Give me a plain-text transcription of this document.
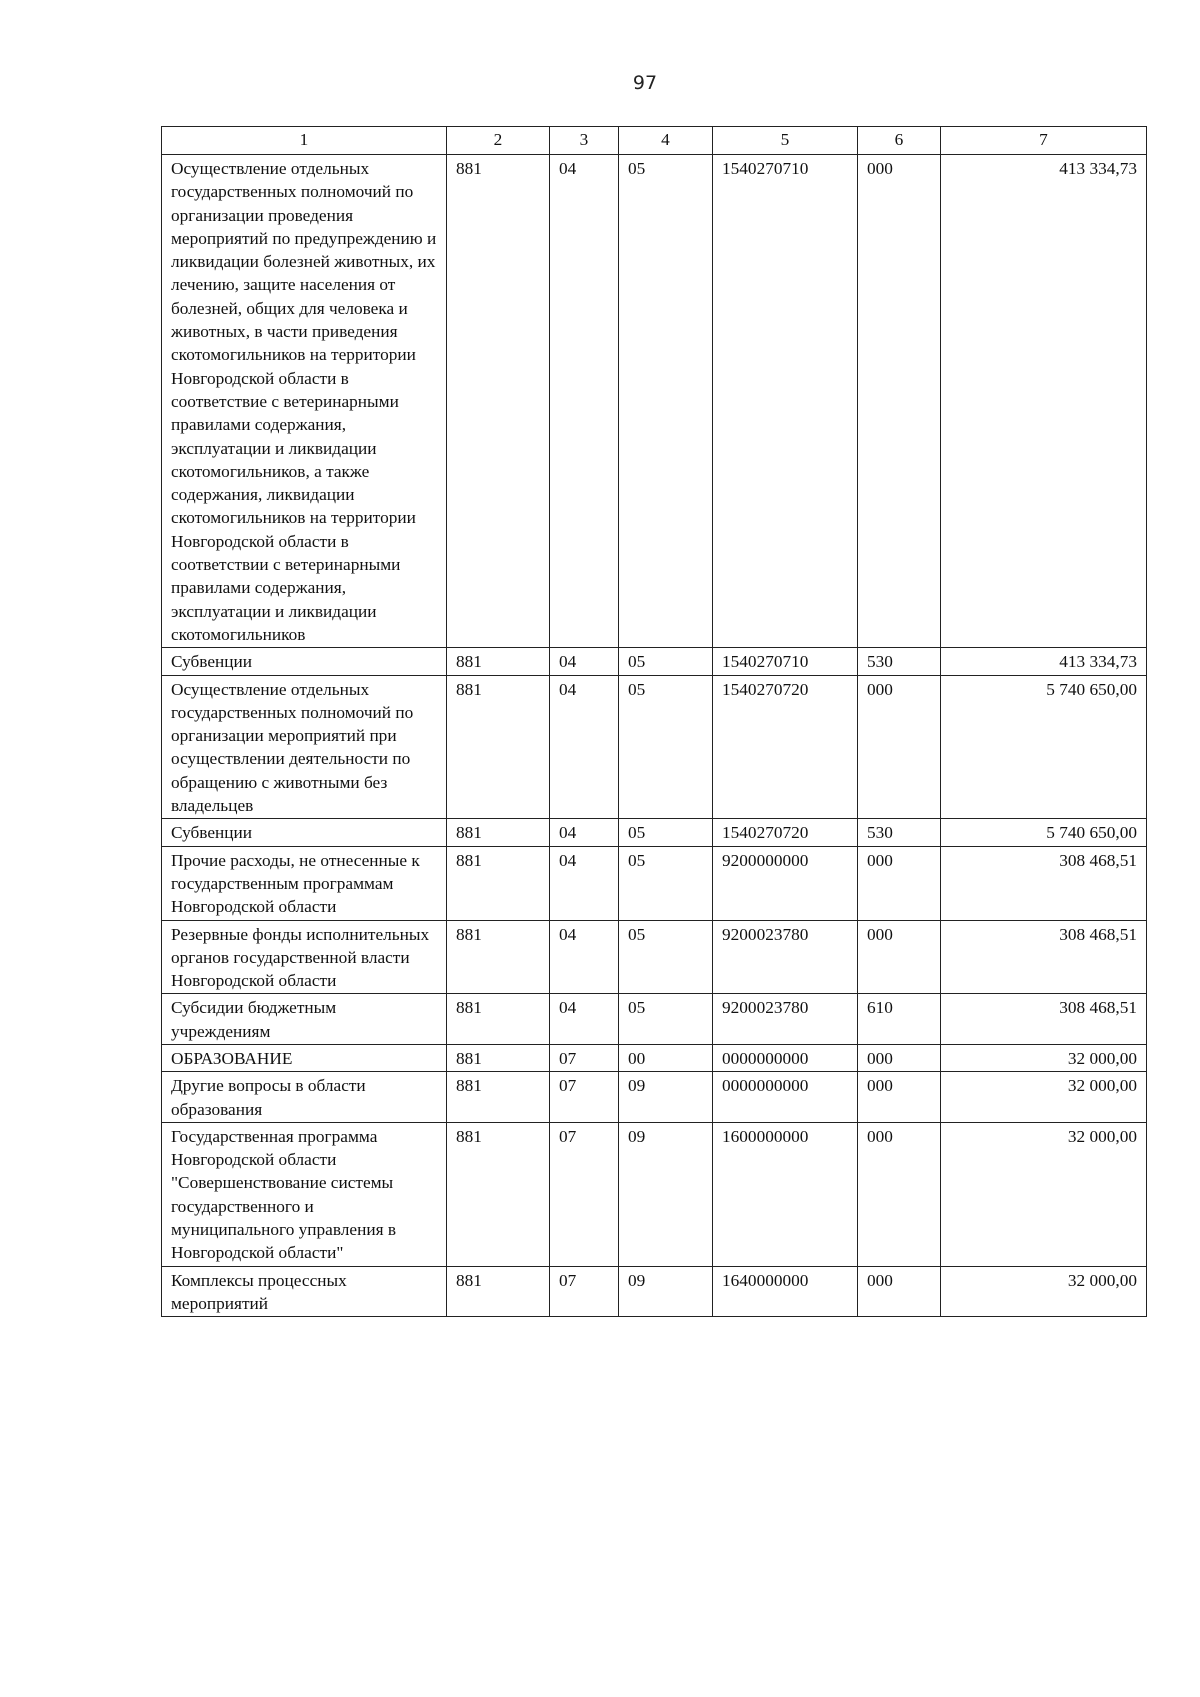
97
1	2	3	4	5	6	7
Осуществление отдельных государственных полномочий по организации проведения мероприятий по предупреждению и ликвидации болезней животных, их лечению, защите населения от болезней, общих для человека и животных, в части приведения скотомогильников на территории Новгородской области в соответствие с ветеринарными правилами содержания, эксплуатации и ликвидации скотомогильников, а также содержания, ликвидации скотомогильников на территории Новгородской области в соответствии с ветеринарными правилами содержания, эксплуатации и ликвидации скотомогильников	881	04	05	1540270710	000	413 334,73
Субвенции	881	04	05	1540270710	530	413 334,73
Осуществление отдельных государственных полномочий по организации мероприятий при осуществлении деятельности по обращению с животными без владельцев	881	04	05	1540270720	000	5 740 650,00
Субвенции	881	04	05	1540270720	530	5 740 650,00
Прочие расходы, не отнесенные к государственным программам Новгородской области	881	04	05	9200000000	000	308 468,51
Резервные фонды исполнительных органов государственной власти Новгородской области	881	04	05	9200023780	000	308 468,51
Субсидии бюджетным учреждениям	881	04	05	9200023780	610	308 468,51
ОБРАЗОВАНИЕ	881	07	00	0000000000	000	32 000,00
Другие вопросы в области образования	881	07	09	0000000000	000	32 000,00
Государственная программа Новгородской области "Совершенствование системы государственного и муниципального управления в Новгородской области"	881	07	09	1600000000	000	32 000,00
Комплексы процессных мероприятий	881	07	09	1640000000	000	32 000,00
